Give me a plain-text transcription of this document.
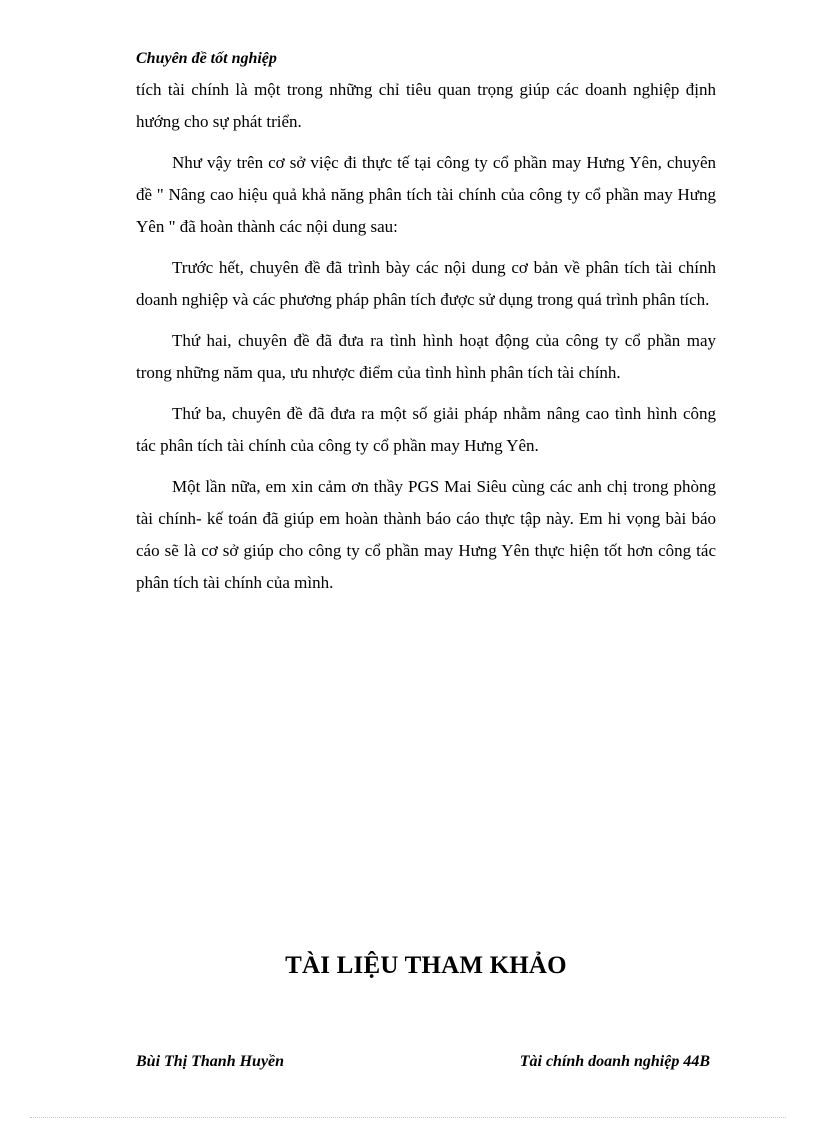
Chuyên đề tốt nghiệp

tích tài chính là một trong những chỉ tiêu quan trọng giúp các doanh nghiệp định hướng cho sự phát triển.

Như vậy trên cơ sở việc đi thực tế tại công ty cổ phần may Hưng Yên, chuyên đề " Nâng cao hiệu quả khả năng phân tích tài chính của công ty cổ phần may Hưng Yên " đã hoàn thành các nội dung sau:

Trước hết, chuyên đề đã trình bày các nội dung cơ bản về phân tích tài chính doanh nghiệp và các phương pháp phân tích được sử dụng trong quá trình phân tích.

Thứ hai, chuyên đề đã đưa ra tình hình hoạt động của công ty cổ phần may trong những năm qua, ưu nhược điểm của tình hình phân tích tài chính.

Thứ ba, chuyên đề đã đưa ra một số giải pháp nhằm nâng cao tình hình công tác phân tích tài chính của công ty cổ phần may Hưng Yên.

Một lần nữa, em xin cảm ơn thầy PGS Mai Siêu cùng các anh chị trong phòng tài chính- kế toán đã giúp em hoàn thành báo cáo thực tập này. Em hi vọng bài báo cáo sẽ là cơ sở giúp cho công ty cổ phần may Hưng Yên thực hiện tốt hơn công tác phân tích tài chính của mình.

TÀI LIỆU THAM KHẢO
Bùi Thị Thanh Huyền	Tài chính doanh nghiệp 44B
